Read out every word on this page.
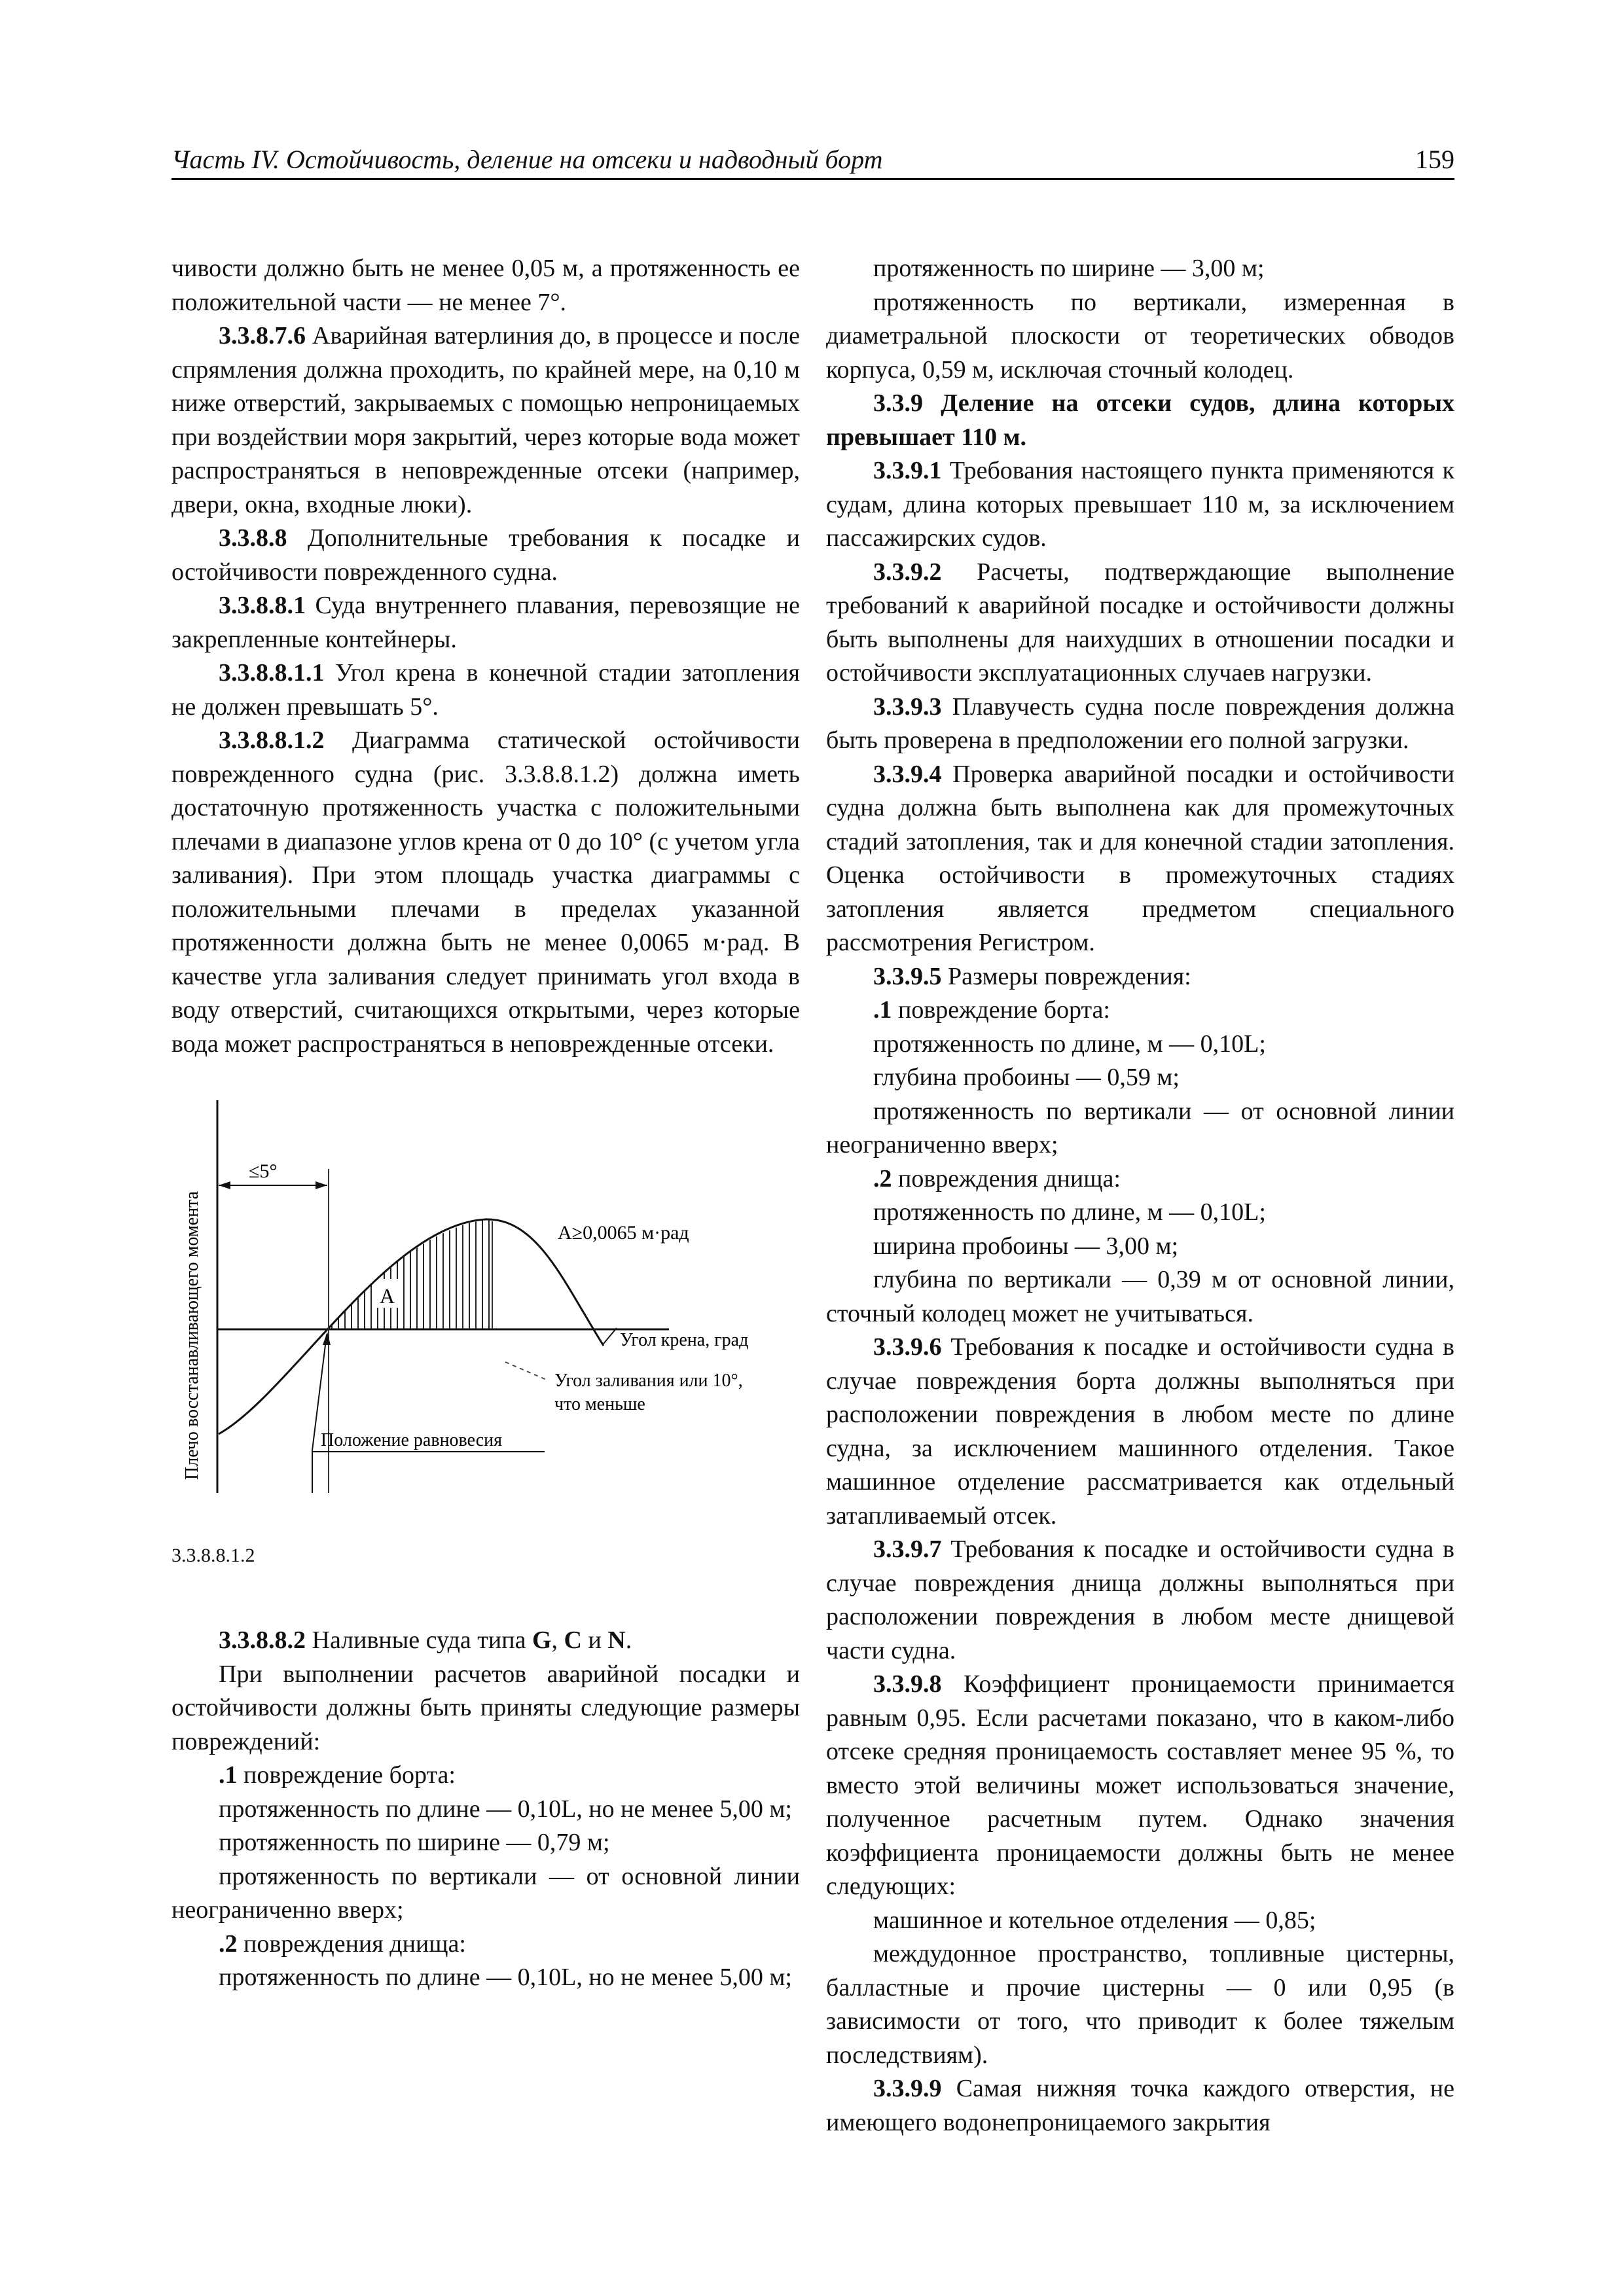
Часть IV. Остойчивость, деление на отсеки и надводный борт	159

чивости должно быть не менее 0,05 м, а протяженность ее положительной части — не менее 7°.

3.3.8.7.6 Аварийная ватерлиния до, в процессе и после спрямления должна проходить, по крайней мере, на 0,10 м ниже отверстий, закрываемых с помощью непроницаемых при воздействии моря закрытий, через которые вода может распространяться в неповрежденные отсеки (например, двери, окна, входные люки).

3.3.8.8 Дополнительные требования к посадке и остойчивости поврежденного судна.

3.3.8.8.1 Суда внутреннего плавания, перевозящие не закрепленные контейнеры.

3.3.8.8.1.1 Угол крена в конечной стадии затопления не должен превышать 5°.

3.3.8.8.1.2 Диаграмма статической остойчивости поврежденного судна (рис. 3.3.8.8.1.2) должна иметь достаточную протяженность участка с положительными плечами в диапазоне углов крена от 0 до 10° (с учетом угла заливания). При этом площадь участка диаграммы с положительными плечами в пределах указанной протяженности должна быть не менее 0,0065 м·рад. В качестве угла заливания следует принимать угол входа в воду отверстий, считающихся открытыми, через которые вода может распространяться в неповрежденные отсеки.

≤5°
A
A≥0,0065 м·рад
Угол крена, град
Угол заливания или 10°,
что меньше
Положение равновесия
Плечо восстанавливающего момента

3.3.8.8.1.2

3.3.8.8.2 Наливные суда типа G, C и N.

При выполнении расчетов аварийной посадки и остойчивости должны быть приняты следующие размеры повреждений:

.1 повреждение борта:

протяженность по длине — 0,10L, но не менее 5,00 м;

протяженность по ширине — 0,79 м;

протяженность по вертикали — от основной линии неограниченно вверх;

.2 повреждения днища:

протяженность по длине — 0,10L, но не менее 5,00 м;

протяженность по ширине — 3,00 м;

протяженность по вертикали, измеренная в диаметральной плоскости от теоретических обводов корпуса, 0,59 м, исключая сточный колодец.

3.3.9 Деление на отсеки судов, длина которых превышает 110 м.

3.3.9.1 Требования настоящего пункта применяются к судам, длина которых превышает 110 м, за исключением пассажирских судов.

3.3.9.2 Расчеты, подтверждающие выполнение требований к аварийной посадке и остойчивости должны быть выполнены для наихудших в отношении посадки и остойчивости эксплуатационных случаев нагрузки.

3.3.9.3 Плавучесть судна после повреждения должна быть проверена в предположении его полной загрузки.

3.3.9.4 Проверка аварийной посадки и остойчивости судна должна быть выполнена как для промежуточных стадий затопления, так и для конечной стадии затопления. Оценка остойчивости в промежуточных стадиях затопления является предметом специального рассмотрения Регистром.

3.3.9.5 Размеры повреждения:

.1 повреждение борта:

протяженность по длине, м — 0,10L;

глубина пробоины — 0,59 м;

протяженность по вертикали — от основной линии неограниченно вверх;

.2 повреждения днища:

протяженность по длине, м — 0,10L;

ширина пробоины — 3,00 м;

глубина по вертикали — 0,39 м от основной линии, сточный колодец может не учитываться.

3.3.9.6 Требования к посадке и остойчивости судна в случае повреждения борта должны выполняться при расположении повреждения в любом месте по длине судна, за исключением машинного отделения. Такое машинное отделение рассматривается как отдельный затапливаемый отсек.

3.3.9.7 Требования к посадке и остойчивости судна в случае повреждения днища должны выполняться при расположении повреждения в любом месте днищевой части судна.

3.3.9.8 Коэффициент проницаемости принимается равным 0,95. Если расчетами показано, что в каком-либо отсеке средняя проницаемость составляет менее 95 %, то вместо этой величины может использоваться значение, полученное расчетным путем. Однако значения коэффициента проницаемости должны быть не менее следующих:

машинное и котельное отделения — 0,85;

междудонное пространство, топливные цистерны, балластные и прочие цистерны — 0 или 0,95 (в зависимости от того, что приводит к более тяжелым последствиям).

3.3.9.9 Самая нижняя точка каждого отверстия, не имеющего водонепроницаемого закрытия
